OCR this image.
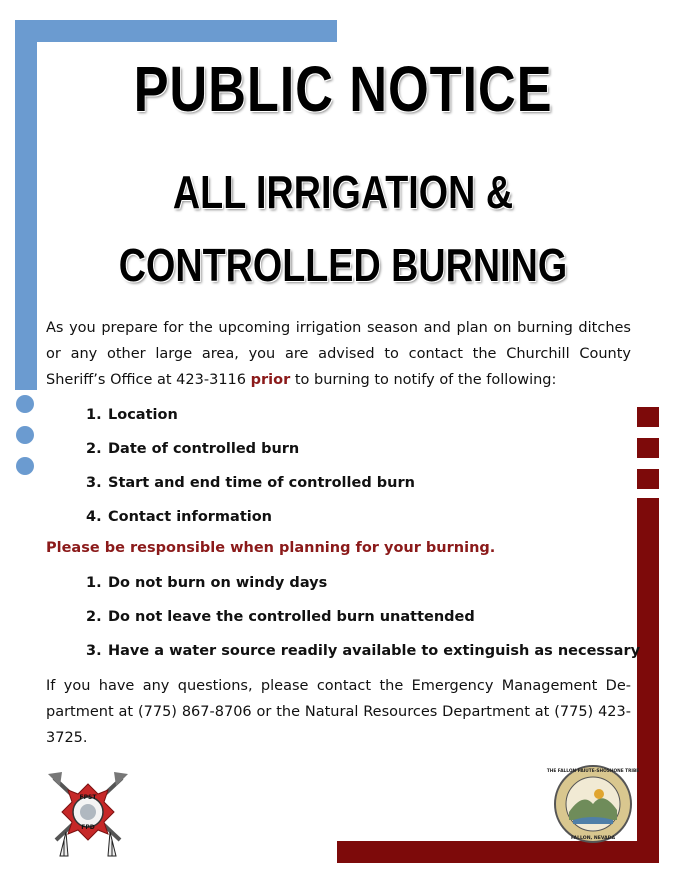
PUBLIC NOTICE
ALL IRRIGATION &
CONTROLLED BURNING

As you prepare for the upcoming irrigation season and plan on burning ditches or any other large area, you are advised to contact the Churchill County Sheriff’s Office at 423-3116 prior to burning to notify of the following:

1. Location
2. Date of controlled burn
3. Start and end time of controlled burn
4. Contact information

Please be responsible when planning for your burning.

1. Do not burn on windy days
2. Do not leave the controlled burn unattended
3. Have a water source readily available to extinguish as necessary

If you have any questions, please contact the Emergency Management Department at (775) 867-8706 or the Natural Resources Department at (775) 423-3725.

FPST
FPD
THE FALLON PAIUTE-SHOSHONE TRIBE
FALLON, NEVADA
